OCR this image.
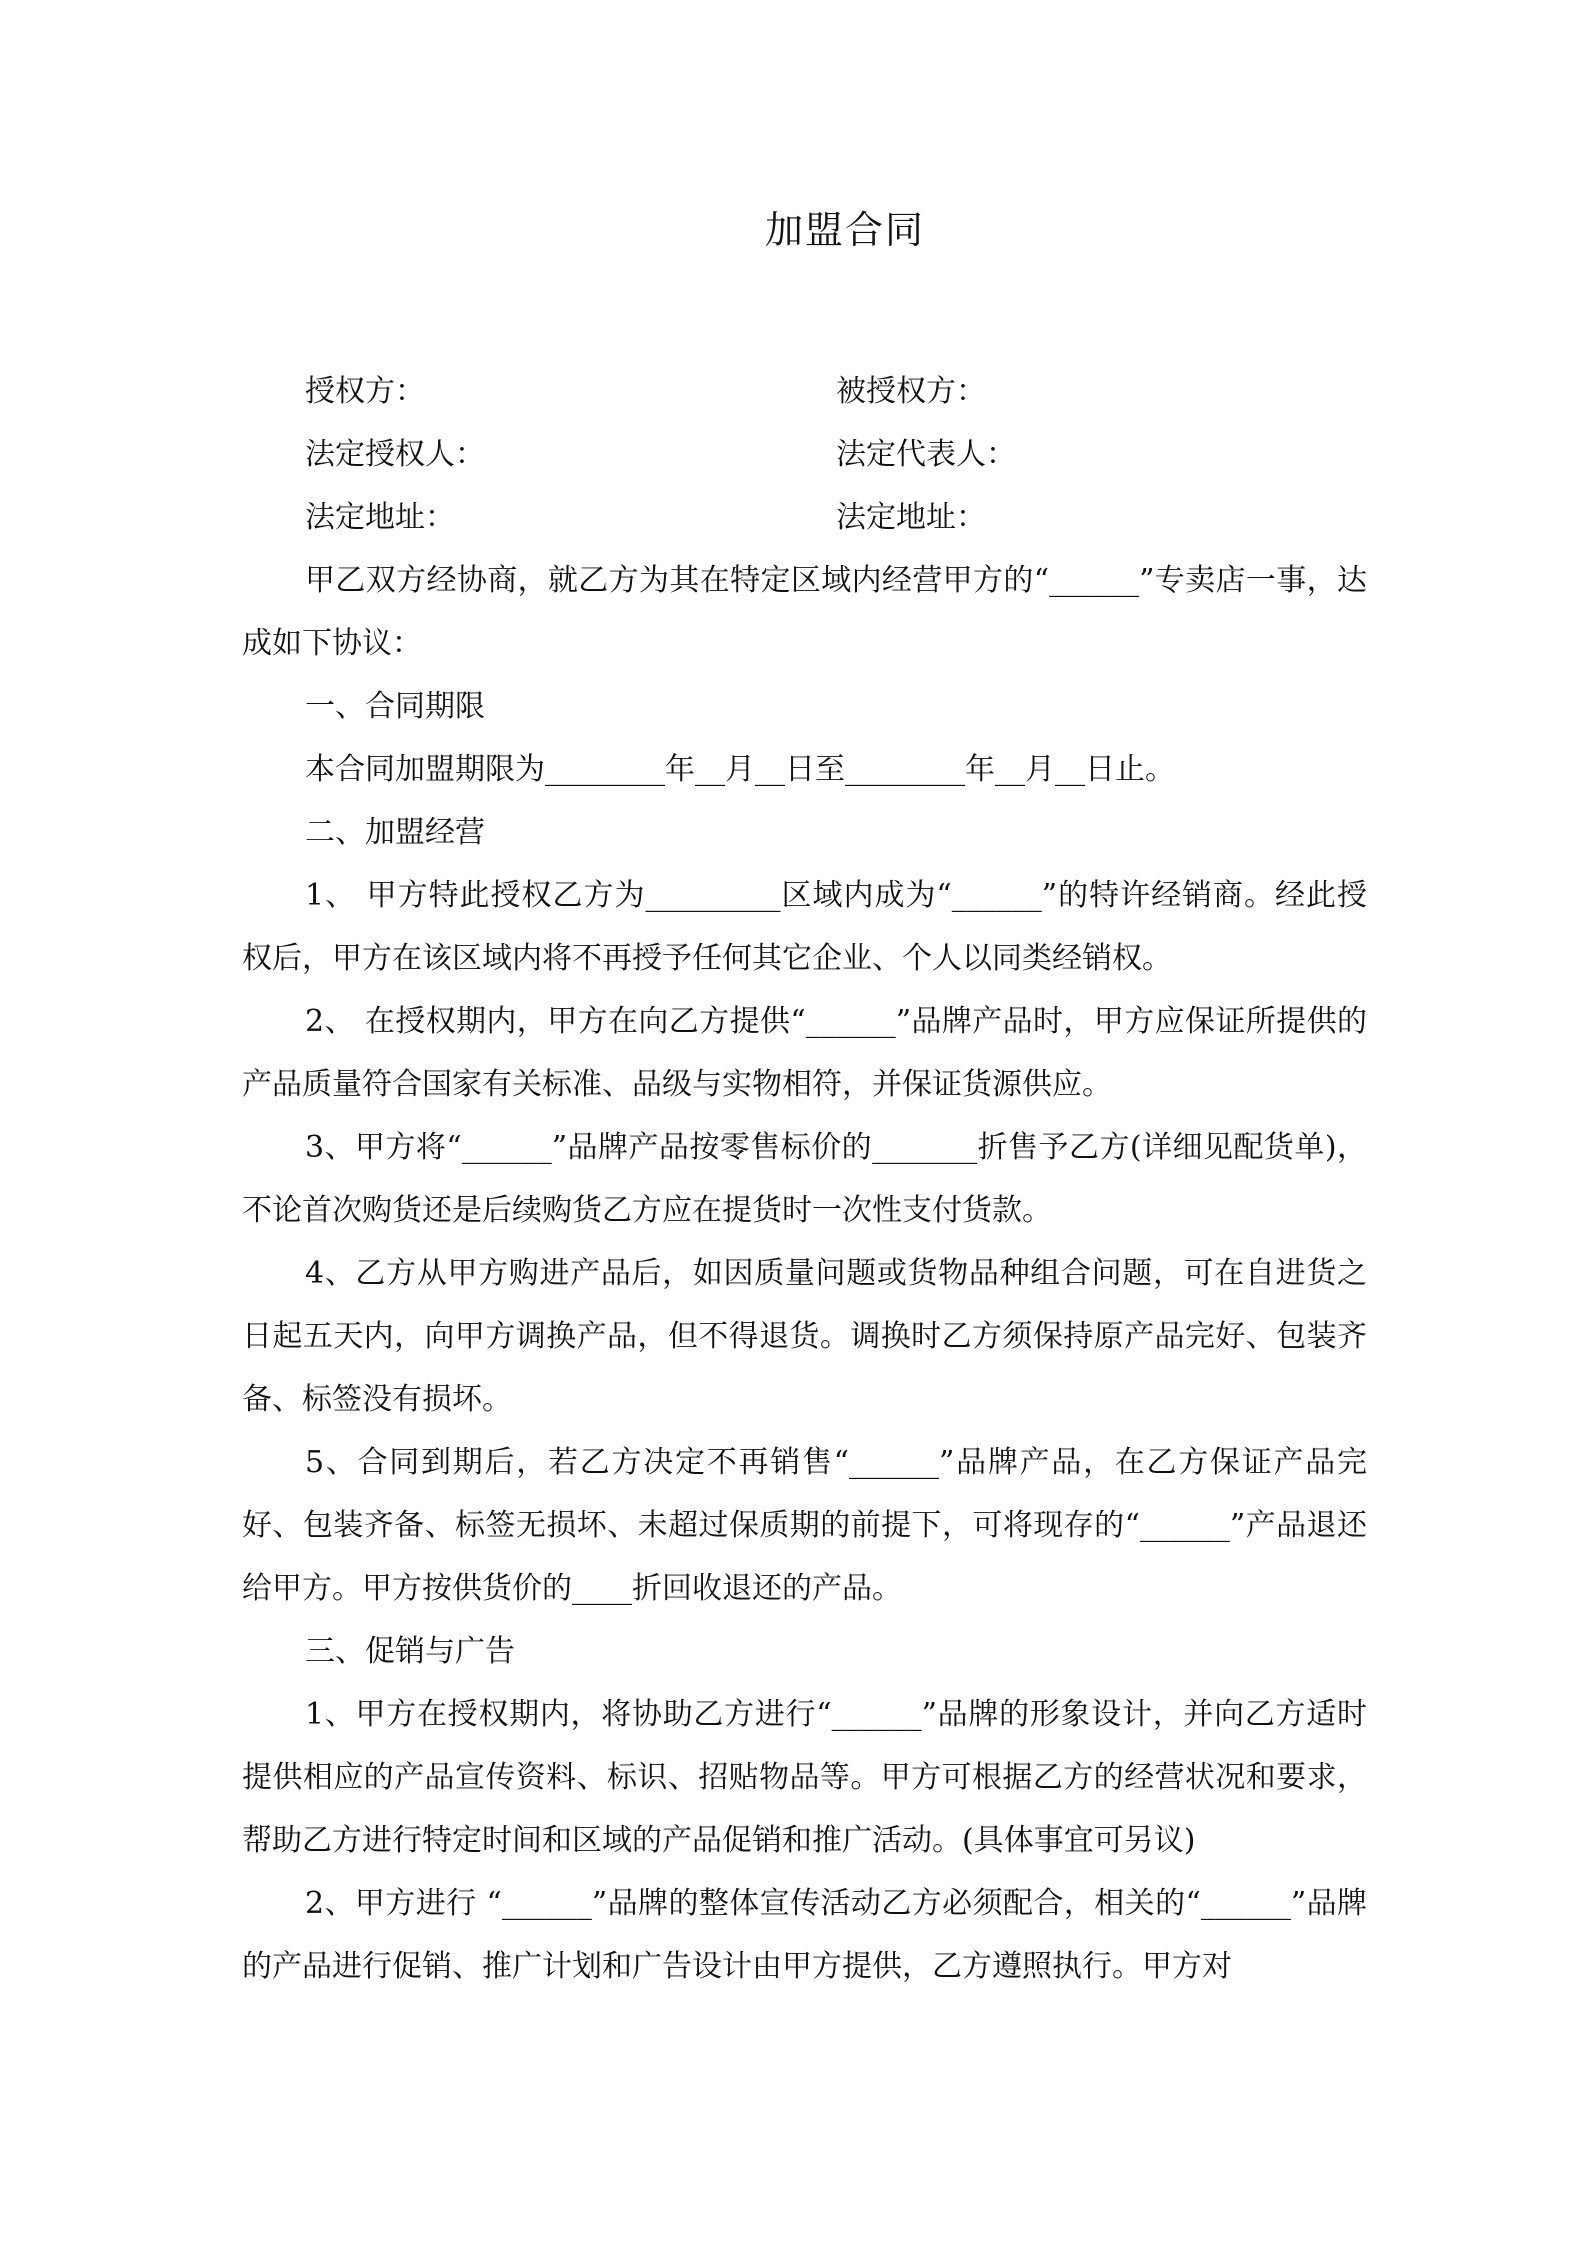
加盟合同
授权方：	被授权方：
法定授权人：	法定代表人：
法定地址：	法定地址：

甲乙双方经协商，就乙方为其在特定区域内经营甲方的“______”专卖店一事，达成如下协议：

一、合同期限

本合同加盟期限为________年__月__日至________年__月__日止。

二、加盟经营

1、 甲方特此授权乙方为_________区域内成为“______”的特许经销商。经此授权后，甲方在该区域内将不再授予任何其它企业、个人以同类经销权。

2、 在授权期内，甲方在向乙方提供“______”品牌产品时，甲方应保证所提供的产品质量符合国家有关标准、品级与实物相符，并保证货源供应。

3、甲方将“______”品牌产品按零售标价的_______折售予乙方(详细见配货单)，不论首次购货还是后续购货乙方应在提货时一次性支付货款。

4、乙方从甲方购进产品后，如因质量问题或货物品种组合问题，可在自进货之日起五天内，向甲方调换产品，但不得退货。调换时乙方须保持原产品完好、包装齐备、标签没有损坏。

5、合同到期后，若乙方决定不再销售“______”品牌产品，在乙方保证产品完好、包装齐备、标签无损坏、未超过保质期的前提下，可将现存的“______”产品退还给甲方。甲方按供货价的____折回收退还的产品。

三、促销与广告

1、甲方在授权期内，将协助乙方进行“______”品牌的形象设计，并向乙方适时提供相应的产品宣传资料、标识、招贴物品等。甲方可根据乙方的经营状况和要求，帮助乙方进行特定时间和区域的产品促销和推广活动。(具体事宜可另议)

2、甲方进行 “______”品牌的整体宣传活动乙方必须配合，相关的“______”品牌的产品进行促销、推广计划和广告设计由甲方提供，乙方遵照执行。甲方对
